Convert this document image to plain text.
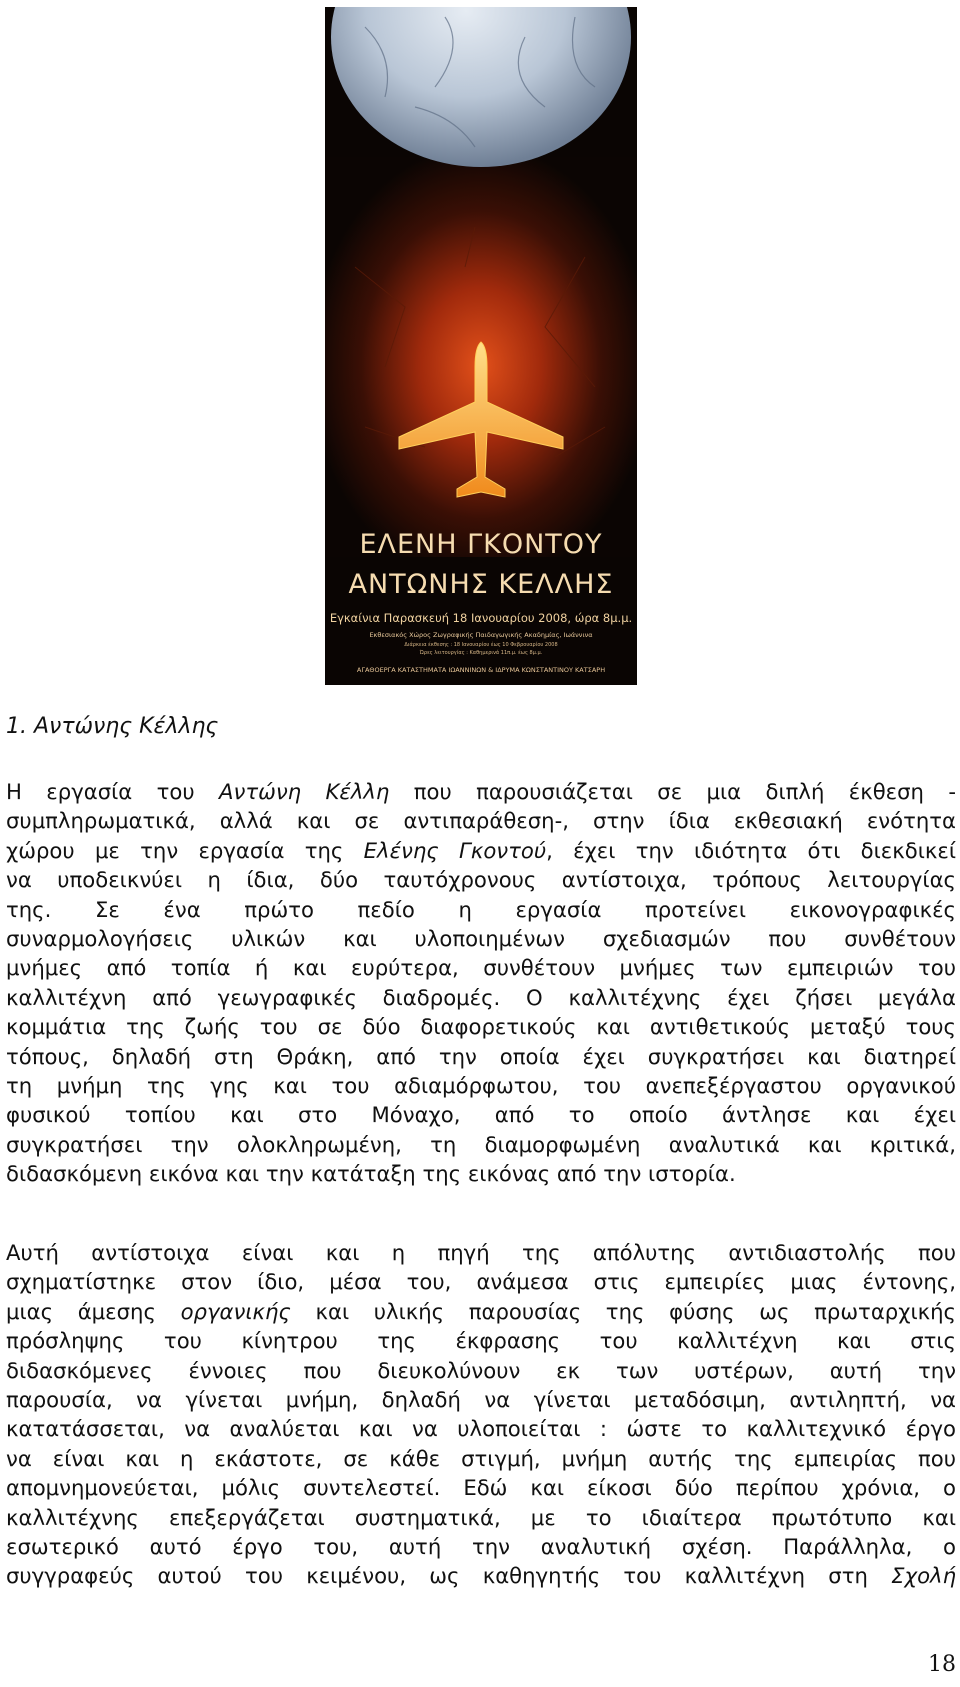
ΕΛΕΝΗ ΓΚΟΝΤΟΥ
ΑΝΤΩΝΗΣ ΚΕΛΛΗΣ
Εγκαίνια Παρασκευή 18 Ιανουαρίου 2008, ώρα 8μ.μ.
Εκθεσιακός Χώρος Ζωγραφικής Παιδαγωγικής Ακαδημίας, Ιωάννινα
Διάρκεια έκθεσης : 18 Ιανουαρίου έως 10 Φεβρουαρίου 2008
Ώρες λειτουργίας : Καθημερινά 11π.μ. έως 8μ.μ.
ΑΓΑΘΟΕΡΓΑ ΚΑΤΑΣΤΗΜΑΤΑ ΙΩΑΝΝΙΝΩΝ & ΙΔΡΥΜΑ ΚΩΝΣΤΑΝΤΙΝΟΥ ΚΑΤΣΑΡΗ
1. Αντώνης Κέλλης
Η εργασία του Αντώνη Κέλλη που παρουσιάζεται σε μια διπλή έκθεση -
συμπληρωματικά, αλλά και σε αντιπαράθεση-, στην ίδια εκθεσιακή ενότητα
χώρου με την εργασία της Ελένης Γκοντού, έχει την ιδιότητα ότι διεκδικεί
να υποδεικνύει η ίδια, δύο ταυτόχρονους αντίστοιχα, τρόπους λειτουργίας
της. Σε ένα πρώτο πεδίο η εργασία προτείνει εικονογραφικές
συναρμολογήσεις υλικών και υλοποιημένων σχεδιασμών που συνθέτουν
μνήμες από τοπία ή και ευρύτερα, συνθέτουν μνήμες των εμπειριών του
καλλιτέχνη από γεωγραφικές διαδρομές. Ο καλλιτέχνης έχει ζήσει μεγάλα
κομμάτια της ζωής του σε δύο διαφορετικούς και αντιθετικούς μεταξύ τους
τόπους, δηλαδή στη Θράκη, από την οποία έχει συγκρατήσει και διατηρεί
τη μνήμη της γης και του αδιαμόρφωτου, του ανεπεξέργαστου οργανικού
φυσικού τοπίου και στο Μόναχο, από το οποίο άντλησε και έχει
συγκρατήσει την ολοκληρωμένη, τη διαμορφωμένη αναλυτικά και κριτικά,
διδασκόμενη εικόνα και την κατάταξη της εικόνας από την ιστορία.
Αυτή αντίστοιχα είναι και η πηγή της απόλυτης αντιδιαστολής που
σχηματίστηκε στον ίδιο, μέσα του, ανάμεσα στις εμπειρίες μιας έντονης,
μιας άμεσης οργανικής και υλικής παρουσίας της φύσης ως πρωταρχικής
πρόσληψης του κίνητρου της έκφρασης του καλλιτέχνη και στις
διδασκόμενες έννοιες που διευκολύνουν εκ των υστέρων, αυτή την
παρουσία, να γίνεται μνήμη, δηλαδή να γίνεται μεταδόσιμη, αντιληπτή, να
κατατάσσεται, να αναλύεται και να υλοποιείται : ώστε το καλλιτεχνικό έργο
να είναι και η εκάστοτε, σε κάθε στιγμή, μνήμη αυτής της εμπειρίας που
απομνημονεύεται, μόλις συντελεστεί. Εδώ και είκοσι δύο περίπου χρόνια, ο
καλλιτέχνης επεξεργάζεται συστηματικά, με το ιδιαίτερα πρωτότυπο και
εσωτερικό αυτό έργο του, αυτή την αναλυτική σχέση. Παράλληλα, ο
συγγραφεύς αυτού του κειμένου, ως καθηγητής του καλλιτέχνη στη Σχολή
18
